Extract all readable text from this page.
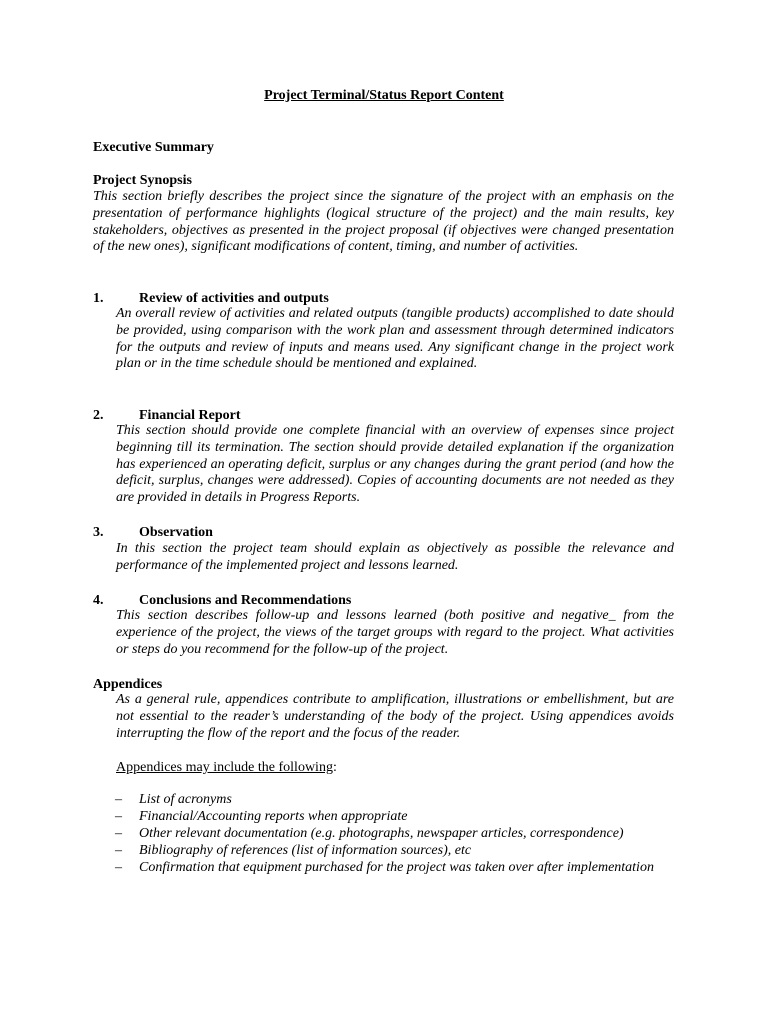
Project Terminal/Status Report Content
Executive Summary
Project Synopsis

This section briefly describes the project since the signature of the project with an emphasis on the presentation of performance highlights (logical structure of the project) and the main results, key stakeholders, objectives as presented in the project proposal (if objectives were changed presentation of the new ones), significant modifications of content, timing, and number of activities.

1.	Review of activities and outputs

An overall review of activities and related outputs (tangible products) accomplished to date should be provided, using comparison with the work plan and assessment through determined indicators for the outputs and review of inputs and means used. Any significant change in the project work plan or in the time schedule should be mentioned and explained.

2.	Financial Report

This section should provide one complete financial with an overview of expenses since project beginning till its termination. The section should provide detailed explanation if the organization has experienced an operating deficit, surplus or any changes during the grant period (and how the deficit, surplus, changes were addressed). Copies of accounting documents are not needed as they are provided in details in Progress Reports.

3.	Observation

In this section the project team should explain as objectively as possible the relevance and performance of the implemented project and lessons learned.

4.	Conclusions and Recommendations

This section describes follow-up and lessons learned (both positive and negative_ from the experience of the project, the views of the target groups with regard to the project. What activities or steps do you recommend for the follow-up of the project.

Appendices

As a general rule, appendices contribute to amplification, illustrations or embellishment, but are not essential to the reader’s understanding of the body of the project. Using appendices avoids interrupting the flow of the report and the focus of the reader.

Appendices may include the following:
– List of acronyms
– Financial/Accounting reports when appropriate
– Other relevant documentation (e.g. photographs, newspaper articles, correspondence)
– Bibliography of references (list of information sources), etc
– Confirmation that equipment purchased for the project was taken over after implementation
